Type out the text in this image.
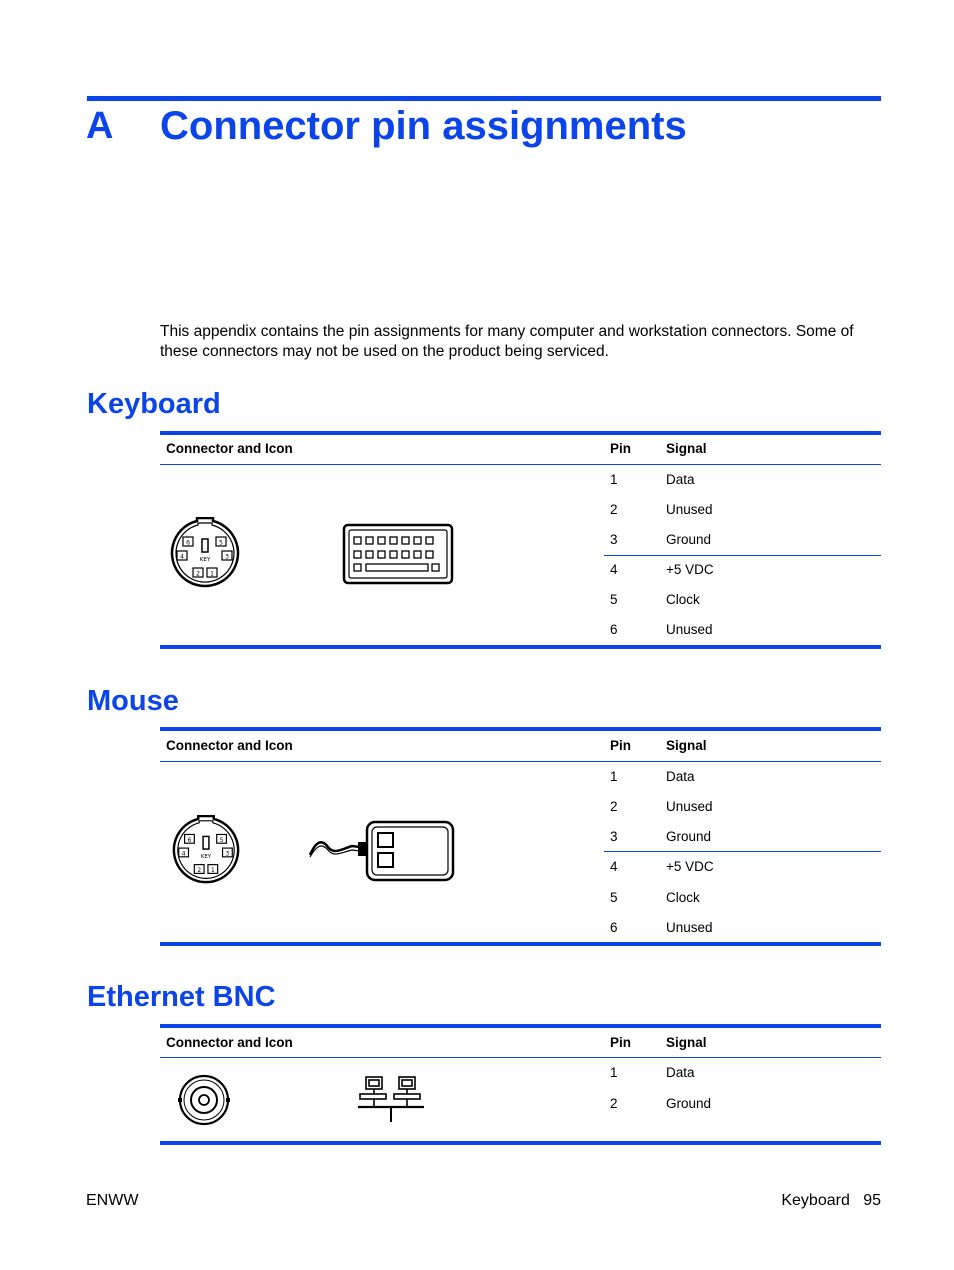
A Connector pin assignments

This appendix contains the pin assignments for many computer and workstation connectors. Some of these connectors may not be used on the product being serviced.

Keyboard
Connector and Icon	Pin	Signal
1	Data
2	Unused
3	Ground
4	+5 VDC
5	Clock
6	Unused
6	5
4	3
2 1
KEY
Mouse
Connector and Icon	Pin	Signal
1	Data
2	Unused
3	Ground
4	+5 VDC
5	Clock
6	Unused
6	5
4	3
2 1
KEY
Ethernet BNC
Connector and Icon	Pin	Signal
1	Data
2	Ground
ENWW	Keyboard 95
